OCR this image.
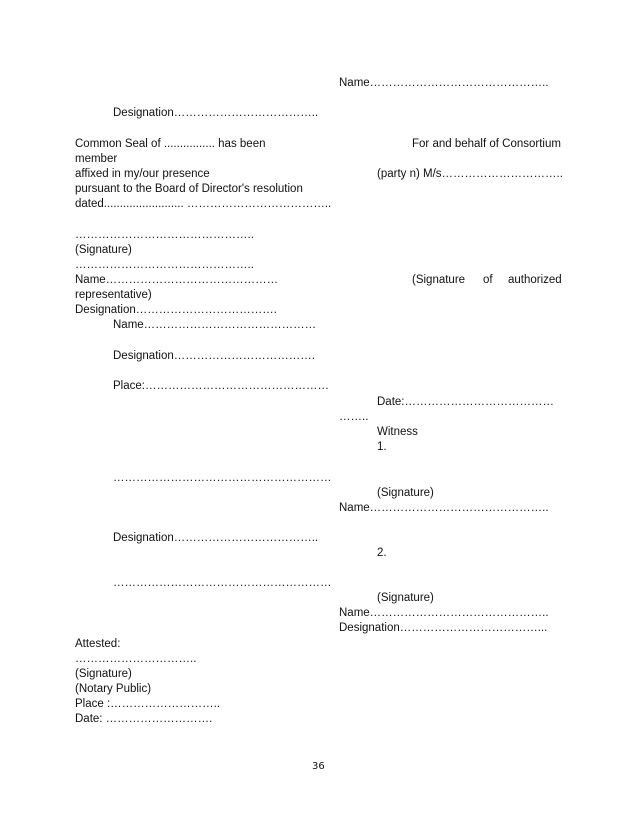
Name………………………………………..
Designation………………………………..
Common Seal of ................ has been	For and behalf of Consortium
member
affixed in my/our presence	(party n) M/s…………………………..
pursuant to the Board of Director's resolution
dated......................... ………………………………..
………………………………………..
(Signature)
………………………………………..
Name………………………………………	(Signature of authorized
representative)
Designation……………………………….
Name………………………………………
Designation……………………………….
Place:…………………………………………
Date:…………………………………
……..
Witness
1.
…………………………………………………
(Signature)
Name………………………………………..
Designation………………………………..
2.
…………………………………………………
(Signature)
Name………………………………………..
Designation………………………………...
Attested:
…………………………..
(Signature)
(Notary Public)
Place :………………………..
Date: ……………………….
36
